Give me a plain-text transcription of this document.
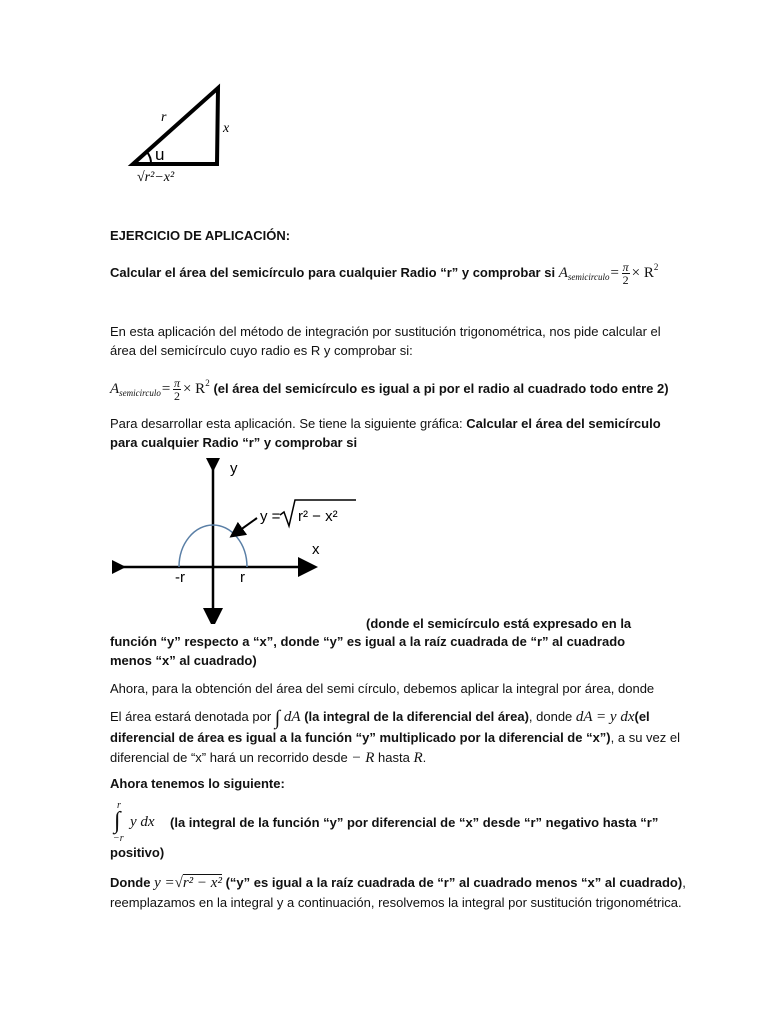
r
x
u
√r²−x²
EJERCICIO DE APLICACIÓN:
Calcular el área del semicírculo para cualquier Radio “r” y comprobar si $A_{semicirculo}= \frac{\pi}{2} \times R^2$
En esta aplicación del método de integración por sustitución trigonométrica, nos pide calcular el área del semicírculo cuyo radio es R y comprobar si:
$A_{semicirculo}= \frac{\pi}{2} \times R^2$ (el área del semicírculo es igual a pi por el radio al cuadrado todo entre 2)
Para desarrollar esta aplicación. Se tiene la siguiente gráfica: Calcular el área del semicírculo para cualquier Radio “r” y comprobar si
y
x
-r	r
y = r² − x²
(donde el semicírculo está expresado en la
función “y” respecto a “x”, donde “y” es igual a la raíz cuadrada de “r” al cuadrado menos “x” al cuadrado)
Ahora, para la obtención del área del semi círculo, debemos aplicar la integral por área, donde
El área estará denotada por ∫ dA (la integral de la diferencial del área), donde dA = y dx(el diferencial de área es igual a la función “y” multiplicado por la diferencial de “x”), a su vez el diferencial de “x” hará un recorrido desde − R hasta R.
Ahora tenemos lo siguiente:
r
∫
−r
y dx (la integral de la función “y” por diferencial de “x” desde “r” negativo hasta “r”
positivo)
Donde y =√r² − x² (“y” es igual a la raíz cuadrada de “r” al cuadrado menos “x” al cuadrado), reemplazamos en la integral y a continuación, resolvemos la integral por sustitución trigonométrica.
